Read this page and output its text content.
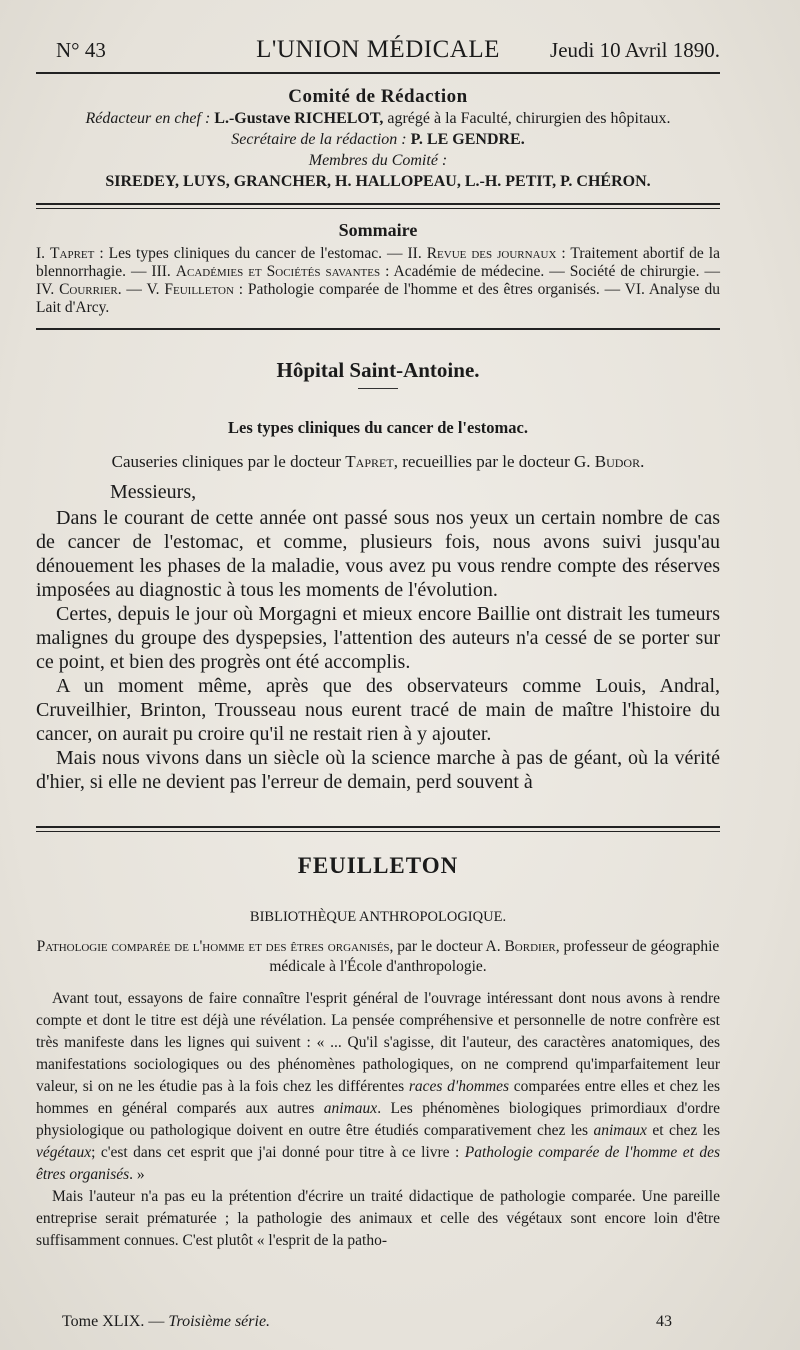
N° 43	L'UNION MÉDICALE	Jeudi 10 Avril 1890.
Comité de Rédaction
Rédacteur en chef : L.-Gustave RICHELOT, agrégé à la Faculté, chirurgien des hôpitaux.
Secrétaire de la rédaction : P. LE GENDRE.
Membres du Comité :
SIREDEY, LUYS, GRANCHER, H. HALLOPEAU, L.-H. PETIT, P. CHÉRON.
Sommaire

I. Tapret : Les types cliniques du cancer de l'estomac. — II. Revue des journaux : Traitement abortif de la blennorrhagie. — III. Académies et Sociétés savantes : Académie de médecine. — Société de chirurgie. — IV. Courrier. — V. Feuilleton : Pathologie comparée de l'homme et des êtres organisés. — VI. Analyse du Lait d'Arcy.

Hôpital Saint-Antoine.
Les types cliniques du cancer de l'estomac.
Causeries cliniques par le docteur Tapret, recueillies par le docteur G. Budor.

Messieurs,

Dans le courant de cette année ont passé sous nos yeux un certain nombre de cas de cancer de l'estomac, et comme, plusieurs fois, nous avons suivi jusqu'au dénouement les phases de la maladie, vous avez pu vous rendre compte des réserves imposées au diagnostic à tous les moments de l'évolution.

Certes, depuis le jour où Morgagni et mieux encore Baillie ont distrait les tumeurs malignes du groupe des dyspepsies, l'attention des auteurs n'a cessé de se porter sur ce point, et bien des progrès ont été accomplis.

A un moment même, après que des observateurs comme Louis, Andral, Cruveilhier, Brinton, Trousseau nous eurent tracé de main de maître l'histoire du cancer, on aurait pu croire qu'il ne restait rien à y ajouter.

Mais nous vivons dans un siècle où la science marche à pas de géant, où la vérité d'hier, si elle ne devient pas l'erreur de demain, perd souvent à

FEUILLETON
BIBLIOTHÈQUE ANTHROPOLOGIQUE.
Pathologie comparée de l'homme et des êtres organisés, par le docteur A. Bordier, professeur de géographie médicale à l'École d'anthropologie.

Avant tout, essayons de faire connaître l'esprit général de l'ouvrage intéressant dont nous avons à rendre compte et dont le titre est déjà une révélation. La pensée compréhensive et personnelle de notre confrère est très manifeste dans les lignes qui suivent : « ... Qu'il s'agisse, dit l'auteur, des caractères anatomiques, des manifestations sociologiques ou des phénomènes pathologiques, on ne comprend qu'imparfaitement leur valeur, si on ne les étudie pas à la fois chez les différentes races d'hommes comparées entre elles et chez les hommes en général comparés aux autres animaux. Les phénomènes biologiques primordiaux d'ordre physiologique ou pathologique doivent en outre être étudiés comparativement chez les animaux et chez les végétaux; c'est dans cet esprit que j'ai donné pour titre à ce livre : Pathologie comparée de l'homme et des êtres organisés. »

Mais l'auteur n'a pas eu la prétention d'écrire un traité didactique de pathologie comparée. Une pareille entreprise serait prématurée ; la pathologie des animaux et celle des végétaux sont encore loin d'être suffisamment connues. C'est plutôt « l'esprit de la patho-

Tome XLIX. — Troisième série.	43
